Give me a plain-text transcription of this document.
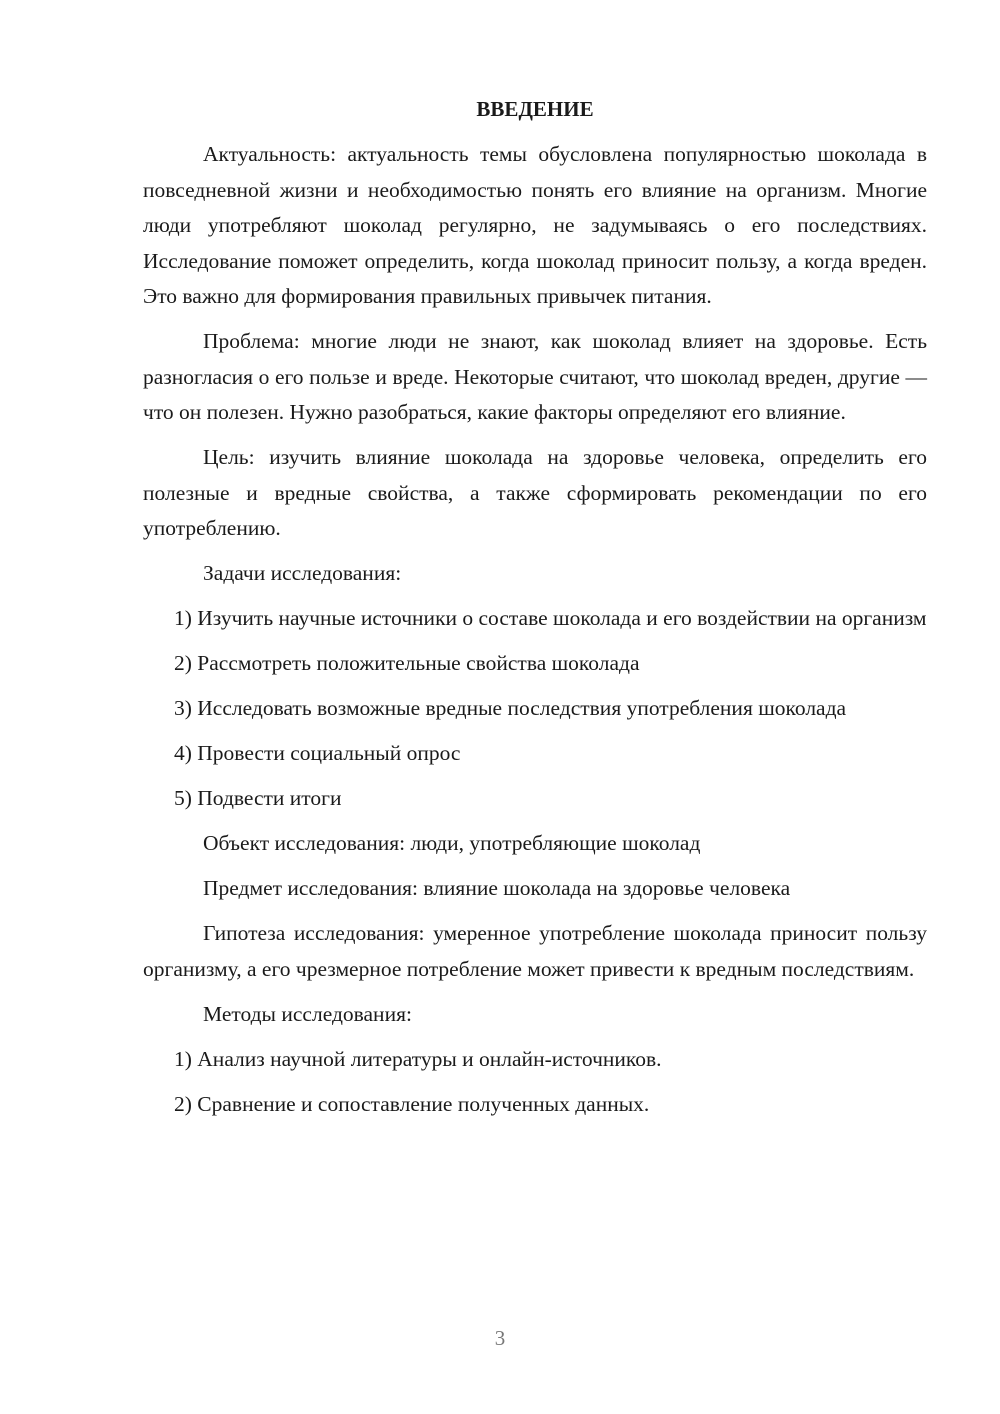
ВВЕДЕНИЕ
Актуальность: актуальность темы обусловлена популярностью шоколада в повседневной жизни и необходимостью понять его влияние на организм. Многие люди употребляют шоколад регулярно, не задумываясь о его последствиях. Исследование поможет определить, когда шоколад приносит пользу, а когда вреден. Это важно для формирования правильных привычек питания.
Проблема: многие люди не знают, как шоколад влияет на здоровье. Есть разногласия о его пользе и вреде. Некоторые считают, что шоколад вреден, другие — что он полезен. Нужно разобраться, какие факторы определяют его влияние.
Цель: изучить влияние шоколада на здоровье человека, определить его полезные и вредные свойства, а также сформировать рекомендации по его употреблению.
Задачи исследования:
1) Изучить научные источники о составе шоколада и его воздействии на организм
2) Рассмотреть положительные свойства шоколада
3) Исследовать возможные вредные последствия употребления шоколада
4) Провести социальный опрос
5) Подвести итоги
Объект исследования: люди, употребляющие шоколад
Предмет исследования: влияние шоколада на здоровье человека
Гипотеза исследования: умеренное употребление шоколада приносит пользу организму, а его чрезмерное потребление может привести к вредным последствиям.
Методы исследования:
1) Анализ научной литературы и онлайн-источников.
2) Сравнение и сопоставление полученных данных.
3
